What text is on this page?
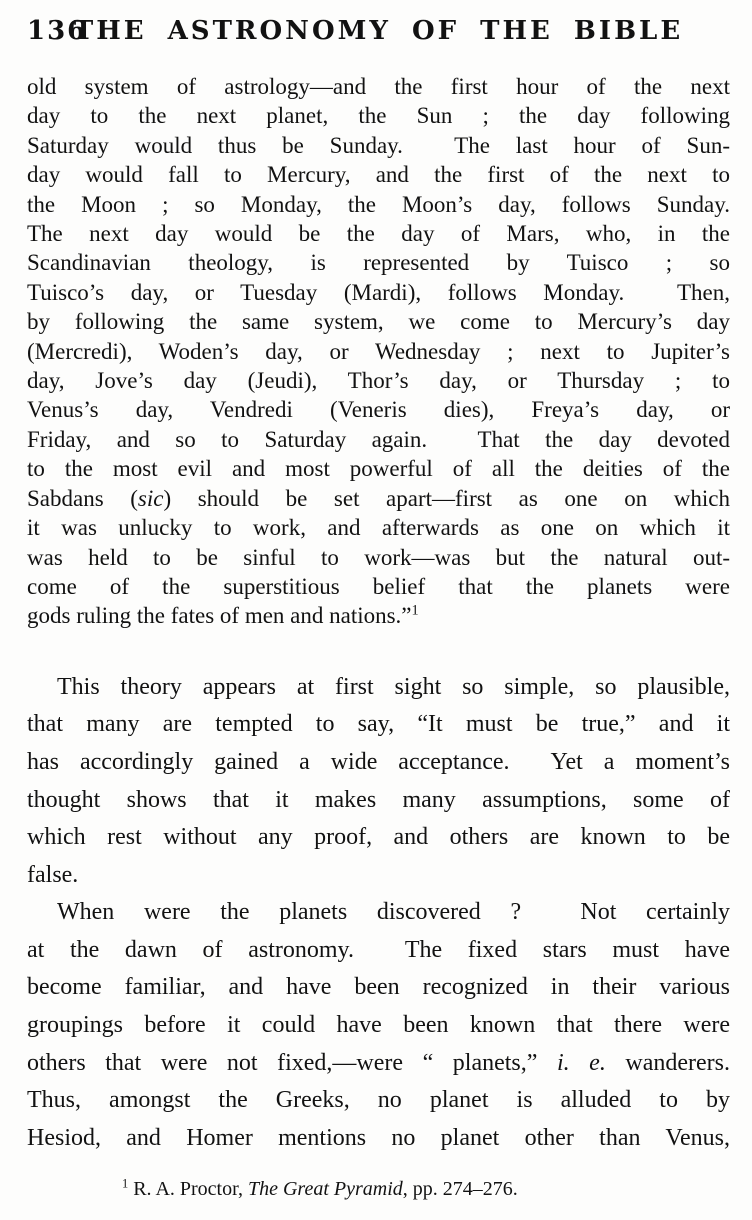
136
THE ASTRONOMY OF THE BIBLE
old system of astrology—and the first hour of the next
day to the next planet, the Sun ; the day following
Saturday would thus be Sunday.  The last hour of Sun-
day would fall to Mercury, and the first of the next to
the Moon ; so Monday, the Moon’s day, follows Sunday.
The next day would be the day of Mars, who, in the
Scandinavian theology, is represented by Tuisco ; so
Tuisco’s day, or Tuesday (Mardi), follows Monday.  Then,
by following the same system, we come to Mercury’s day
(Mercredi), Woden’s day, or Wednesday ; next to Jupiter’s
day, Jove’s day (Jeudi), Thor’s day, or Thursday ; to
Venus’s day, Vendredi (Veneris dies), Freya’s day, or
Friday, and so to Saturday again.  That the day devoted
to the most evil and most powerful of all the deities of the
Sabdans (sic) should be set apart—first as one on which
it was unlucky to work, and afterwards as one on which it
was held to be sinful to work—was but the natural out-
come of the superstitious belief that the planets were
gods ruling the fates of men and nations.”$^1$
This theory appears at first sight so simple, so plausible,
that many are tempted to say, “It must be true,” and it
has accordingly gained a wide acceptance.  Yet a moment’s
thought shows that it makes many assumptions, some of
which rest without any proof, and others are known to be
false.
When were the planets discovered ?  Not certainly
at the dawn of astronomy.  The fixed stars must have
become familiar, and have been recognized in their various
groupings before it could have been known that there were
others that were not fixed,—were “ planets,” i. e. wanderers.
Thus, amongst the Greeks, no planet is alluded to by
Hesiod, and Homer mentions no planet other than Venus,

$^1$ R. A. Proctor, The Great Pyramid, pp. 274–276.
